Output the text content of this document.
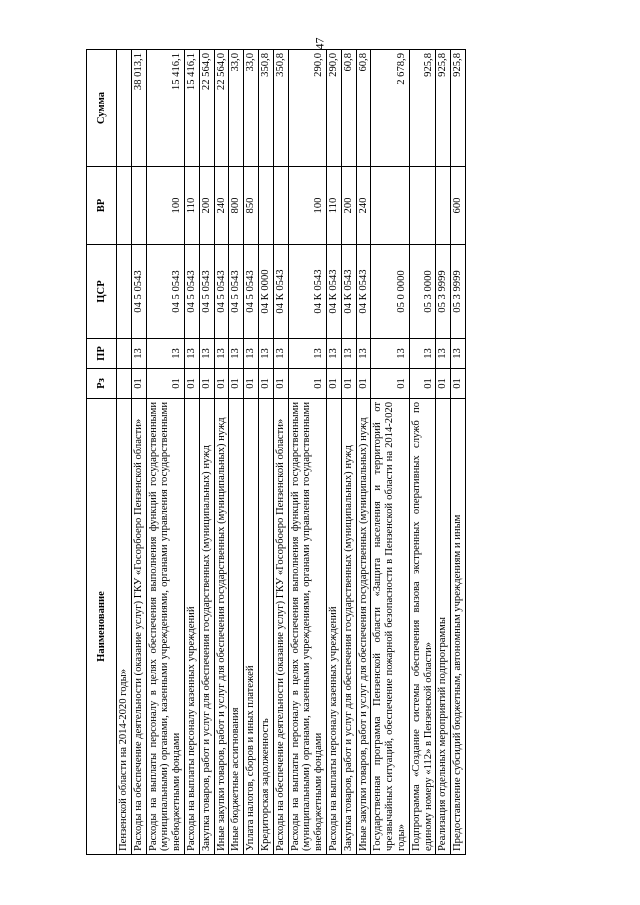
47
Наименование	Рз	ПР	ЦСР	ВР	Сумма
Пензенской области на 2014-2020 годы»					
Расходы на обеспечение деятельности (оказание услуг) ГКУ «Госорбоеро Пензенской области»	01	13	04 5 0543		38 013,1
Расходы на выплаты персоналу в целях обеспечения выполнения функций государственными (муниципальными) органами, казенными учреждениями, органами управления государственными внебюджетными фондами	01	13	04 5 0543	100	15 416,1
Расходы на выплаты персоналу казенных учреждений	01	13	04 5 0543	110	15 416,1
Закупка товаров, работ и услуг для обеспечения государственных (муниципальных) нужд	01	13	04 5 0543	200	22 564,0
Иные закупки товаров, работ и услуг для обеспечения государственных (муниципальных) нужд	01	13	04 5 0543	240	22 564,0
Иные бюджетные ассигнования	01	13	04 5 0543	800	33,0
Уплата налогов, сборов и иных платежей	01	13	04 5 0543	850	33,0
Кредиторская задолженность	01	13	04 К 0000		350,8
Расходы на обеспечение деятельности (оказание услуг) ГКУ «Госорбоеро Пензенской области»	01	13	04 К 0543		350,8
Расходы на выплаты персоналу в целях обеспечения выполнения функций государственными (муниципальными) органами, казенными учреждениями, органами управления государственными внебюджетными фондами	01	13	04 К 0543	100	290,0
Расходы на выплаты персоналу казенных учреждений	01	13	04 К 0543	110	290,0
Закупка товаров, работ и услуг для обеспечения государственных (муниципальных) нужд	01	13	04 К 0543	200	60,8
Иные закупки товаров, работ и услуг для обеспечения государственных (муниципальных) нужд	01	13	04 К 0543	240	60,8
Государственная программа Пензенской области «Защита населения и территорий от чрезвычайных ситуаций, обеспечение пожарной безопасности в Пензенской области на 2014-2020 годы»	01	13	05 0 0000		2 678,9
Подпрограмма «Создание системы обеспечения вызова экстренных оперативных служб по единому номеру «112» в Пензенской области»	01	13	05 3 0000		925,8
Реализация отдельных мероприятий подпрограммы	01	13	05 3 9999		925,8
Предоставление субсидий бюджетным, автономным учреждениям и иным	01	13	05 3 9999	600	925,8
